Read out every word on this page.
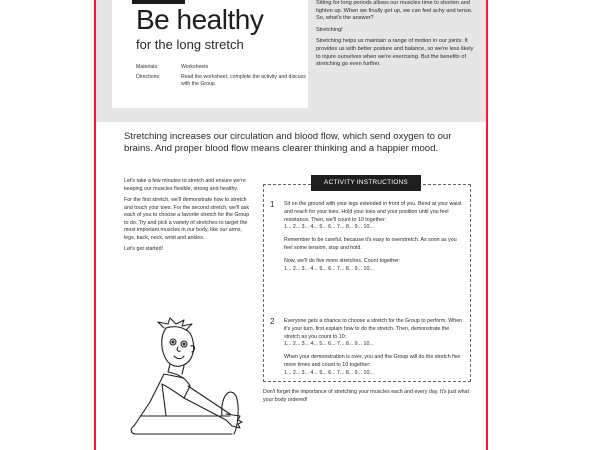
Be healthy
for the long stretch
Materials:	Worksheets
Directions:	Read the worksheet, complete the activity and discuss with the Group.

Sitting for long periods allows our muscles time to shorten and tighten up. When we finally get up, we can feel achy and tense. So, what's the answer?

Stretching!

Stretching helps us maintain a range of motion in our joints. It provides us with better posture and balance, so we're less likely to injure ourselves when we're exercising. But the benefits of stretching go even further.

Stretching increases our circulation and blood flow, which send oxygen to our brains. And proper blood flow means clearer thinking and a happier mood.

Let's take a few minutes to stretch and ensure we're keeping our muscles flexible, strong and healthy.

For the first stretch, we'll demonstrate how to stretch and touch your toes. For the second stretch, we'll ask each of you to choose a favorite stretch for the Group to do. Try and pick a variety of stretches to target the most important muscles in our body, like our arms, legs, back, neck, wrist and ankles.

Let's get started!

ACTIVITY INSTRUCTIONS
1 Sit on the ground with your legs extended in front of you. Bend at your waist and reach for your toes. Hold your toes and your position until you feel resistance. Then, we'll count to 10 together:

1... 2... 3... 4... 5... 6... 7... 8... 9... 10...

Remember to be careful, because it's easy to overstretch. As soon as you feel some tension, stop and hold.

Now, we'll do five more stretches. Count together:

1... 2... 3... 4... 5... 6... 7... 8... 9... 10...

2 Everyone gets a chance to choose a stretch for the Group to perform. When it's your turn, first explain how to do the stretch. Then, demonstrate the stretch as you count to 10:

1... 2... 3... 4... 5... 6... 7... 8... 9... 10...

When your demonstration is over, you and the Group will do the stretch five more times and count to 10 together:

1... 2... 3... 4... 5... 6... 7... 8... 9... 10...

Don't forget the importance of stretching your muscles each and every day. It's just what your body ordered!
